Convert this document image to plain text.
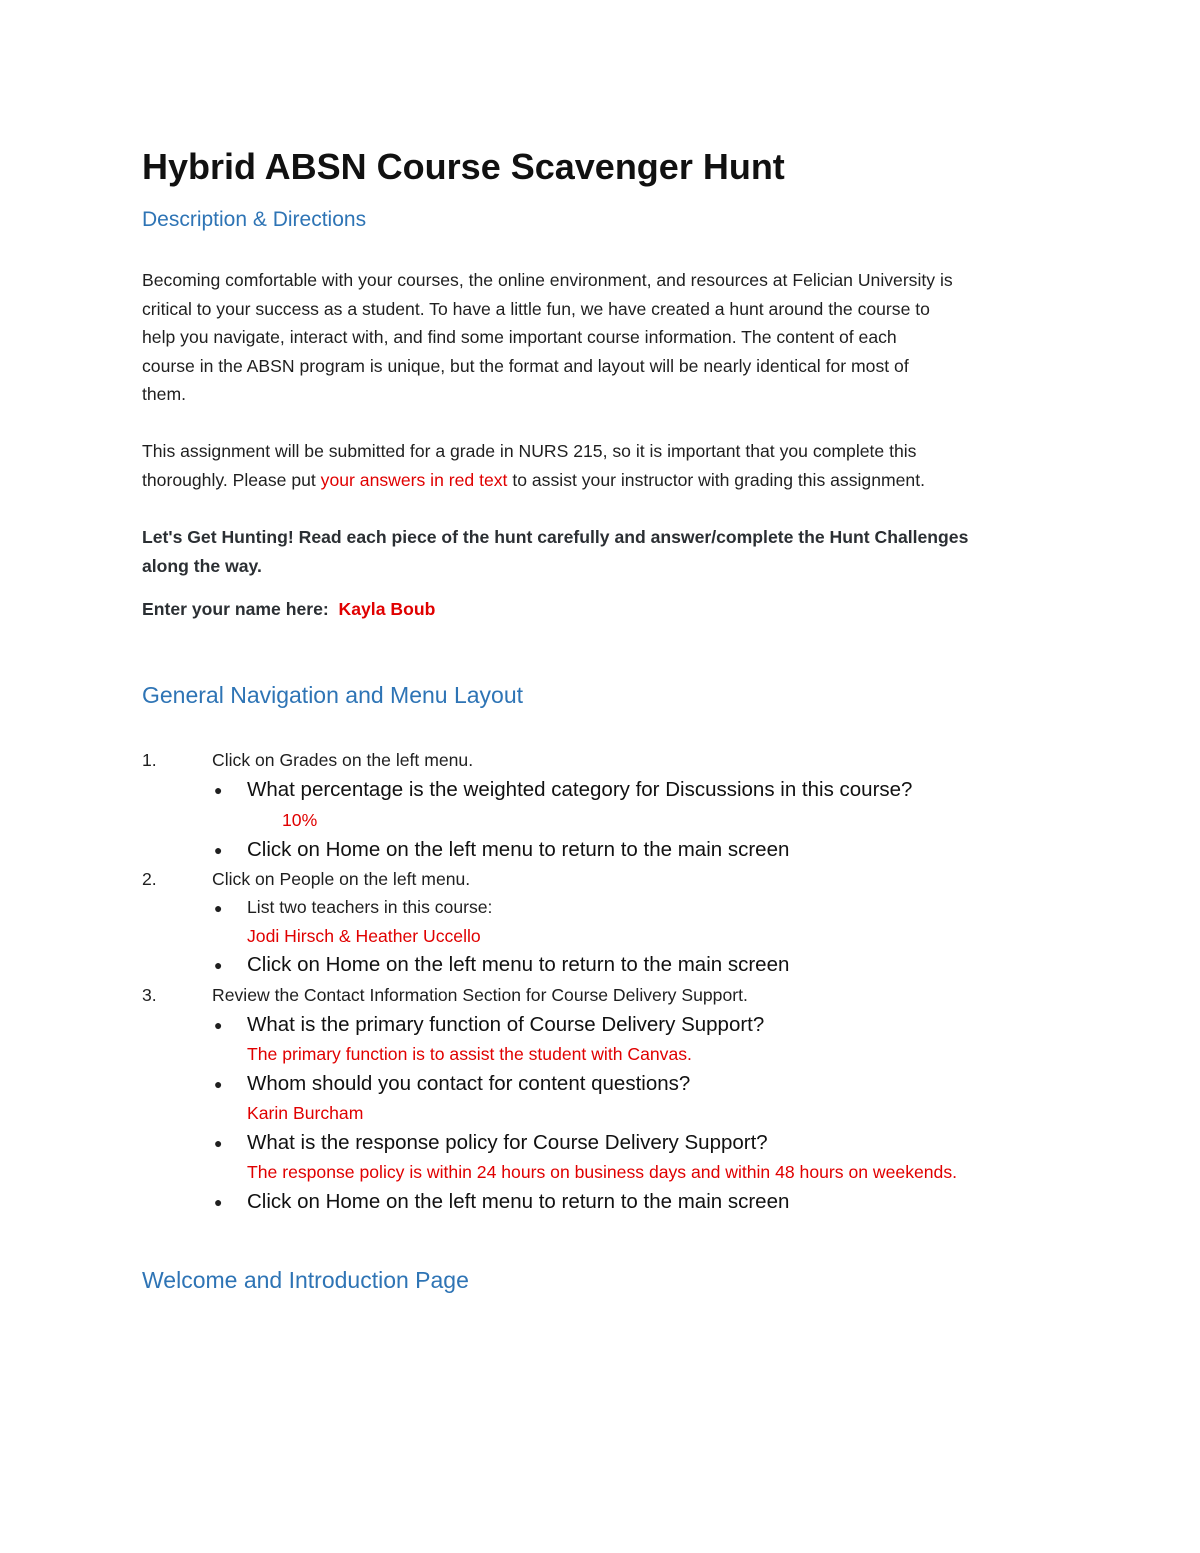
Hybrid ABSN Course Scavenger Hunt
Description & Directions
Becoming comfortable with your courses, the online environment, and resources at Felician University is
critical to your success as a student. To have a little fun, we have created a hunt around the course to
help you navigate, interact with, and find some important course information. The content of each
course in the ABSN program is unique, but the format and layout will be nearly identical for most of
them.
This assignment will be submitted for a grade in NURS 215, so it is important that you complete this
thoroughly. Please put your answers in red text to assist your instructor with grading this assignment.
Let's Get Hunting! Read each piece of the hunt carefully and answer/complete the Hunt Challenges
along the way.
Enter your name here: Kayla Boub
General Navigation and Menu Layout
1.	Click on Grades on the left menu.
● What percentage is the weighted category for Discussions in this course?
10%
● Click on Home on the left menu to return to the main screen
2.	Click on People on the left menu.
● List two teachers in this course:
Jodi Hirsch & Heather Uccello
● Click on Home on the left menu to return to the main screen
3.	Review the Contact Information Section for Course Delivery Support.
● What is the primary function of Course Delivery Support?
The primary function is to assist the student with Canvas.
● Whom should you contact for content questions?
Karin Burcham
● What is the response policy for Course Delivery Support?
The response policy is within 24 hours on business days and within 48 hours on weekends.
● Click on Home on the left menu to return to the main screen
Welcome and Introduction Page
